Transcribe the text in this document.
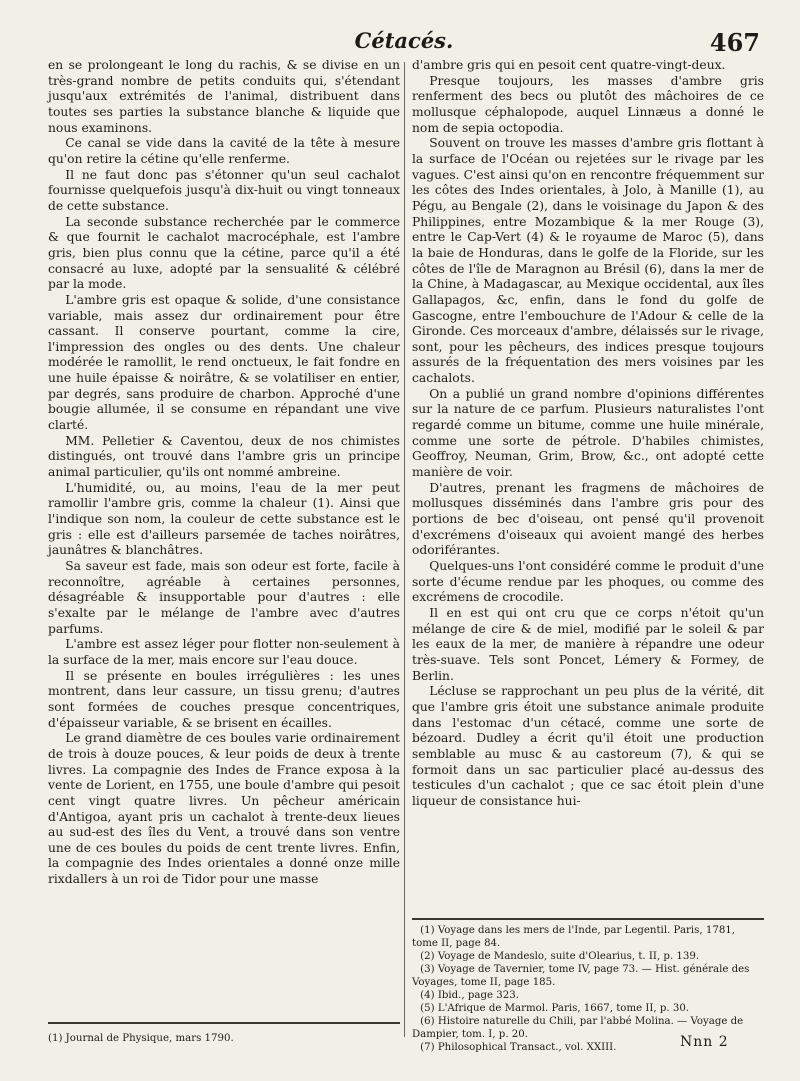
Cétacés.	467

en se prolongeant le long du rachis, & se divise en un très-grand nombre de petits conduits qui, s'étendant jusqu'aux extrémités de l'animal, distribuent dans toutes ses parties la substance blanche & liquide que nous examinons.

Ce canal se vide dans la cavité de la tête à mesure qu'on retire la cétine qu'elle renferme.

Il ne faut donc pas s'étonner qu'un seul cachalot fournisse quelquefois jusqu'à dix-huit ou vingt tonneaux de cette substance.

La seconde substance recherchée par le commerce & que fournit le cachalot macrocéphale, est l'ambre gris, bien plus connu que la cétine, parce qu'il a été consacré au luxe, adopté par la sensualité & célébré par la mode.

L'ambre gris est opaque & solide, d'une consistance variable, mais assez dur ordinairement pour être cassant. Il conserve pourtant, comme la cire, l'impression des ongles ou des dents. Une chaleur modérée le ramollit, le rend onctueux, le fait fondre en une huile épaisse & noirâtre, & se volatiliser en entier, par degrés, sans produire de charbon. Approché d'une bougie allumée, il se consume en répandant une vive clarté.

MM. Pelletier & Caventou, deux de nos chimistes distingués, ont trouvé dans l'ambre gris un principe animal particulier, qu'ils ont nommé ambreine.

L'humidité, ou, au moins, l'eau de la mer peut ramollir l'ambre gris, comme la chaleur (1). Ainsi que l'indique son nom, la couleur de cette substance est le gris : elle est d'ailleurs parsemée de taches noirâtres, jaunâtres & blanchâtres.

Sa saveur est fade, mais son odeur est forte, facile à reconnoître, agréable à certaines personnes, désagréable & insupportable pour d'autres : elle s'exalte par le mélange de l'ambre avec d'autres parfums.

L'ambre est assez léger pour flotter non-seulement à la surface de la mer, mais encore sur l'eau douce.

Il se présente en boules irrégulières : les unes montrent, dans leur cassure, un tissu grenu; d'autres sont formées de couches presque concentriques, d'épaisseur variable, & se brisent en écailles.

Le grand diamètre de ces boules varie ordinairement de trois à douze pouces, & leur poids de deux à trente livres. La compagnie des Indes de France exposa à la vente de Lorient, en 1755, une boule d'ambre qui pesoit cent vingt quatre livres. Un pêcheur américain d'Antigoa, ayant pris un cachalot à trente-deux lieues au sud-est des îles du Vent, a trouvé dans son ventre une de ces boules du poids de cent trente livres. Enfin, la compagnie des Indes orientales a donné onze mille rixdallers à un roi de Tidor pour une masse

d'ambre gris qui en pesoit cent quatre-vingt-deux.

Presque toujours, les masses d'ambre gris renferment des becs ou plutôt des mâchoires de ce mollusque céphalopode, auquel Linnæus a donné le nom de sepia octopodia.

Souvent on trouve les masses d'ambre gris flottant à la surface de l'Océan ou rejetées sur le rivage par les vagues. C'est ainsi qu'on en rencontre fréquemment sur les côtes des Indes orientales, à Jolo, à Manille (1), au Pégu, au Bengale (2), dans le voisinage du Japon & des Philippines, entre Mozambique & la mer Rouge (3), entre le Cap-Vert (4) & le royaume de Maroc (5), dans la baie de Honduras, dans le golfe de la Floride, sur les côtes de l'île de Maragnon au Brésil (6), dans la mer de la Chine, à Madagascar, au Mexique occidental, aux îles Gallapagos, &c, enfin, dans le fond du golfe de Gascogne, entre l'embouchure de l'Adour & celle de la Gironde. Ces morceaux d'ambre, délaissés sur le rivage, sont, pour les pêcheurs, des indices presque toujours assurés de la fréquentation des mers voisines par les cachalots.

On a publié un grand nombre d'opinions différentes sur la nature de ce parfum. Plusieurs naturalistes l'ont regardé comme un bitume, comme une huile minérale, comme une sorte de pétrole. D'habiles chimistes, Geoffroy, Neuman, Grim, Brow, &c., ont adopté cette manière de voir.

D'autres, prenant les fragmens de mâchoires de mollusques disséminés dans l'ambre gris pour des portions de bec d'oiseau, ont pensé qu'il provenoit d'excrémens d'oiseaux qui avoient mangé des herbes odoriférantes.

Quelques-uns l'ont considéré comme le produit d'une sorte d'écume rendue par les phoques, ou comme des excrémens de crocodile.

Il en est qui ont cru que ce corps n'étoit qu'un mélange de cire & de miel, modifié par le soleil & par les eaux de la mer, de manière à répandre une odeur très-suave. Tels sont Poncet, Lémery & Formey, de Berlin.

Lécluse se rapprochant un peu plus de la vérité, dit que l'ambre gris étoit une substance animale produite dans l'estomac d'un cétacé, comme une sorte de bézoard. Dudley a écrit qu'il étoit une production semblable au musc & au castoreum (7), & qui se formoit dans un sac particulier placé au-dessus des testicules d'un cachalot ; que ce sac étoit plein d'une liqueur de consistance hui-

(1) Journal de Physique, mars 1790.

(1) Voyage dans les mers de l'Inde, par Legentil. Paris, 1781, tome II, page 84.

(2) Voyage de Mandeslo, suite d'Olearius, t. II, p. 139.

(3) Voyage de Tavernier, tome IV, page 73. — Hist. générale des Voyages, tome II, page 185.

(4) Ibid., page 323.

(5) L'Afrique de Marmol. Paris, 1667, tome II, p. 30.

(6) Histoire naturelle du Chili, par l'abbé Molina. — Voyage de Dampier, tom. I, p. 20.

(7) Philosophical Transact., vol. XXIII.	Nnn 2
